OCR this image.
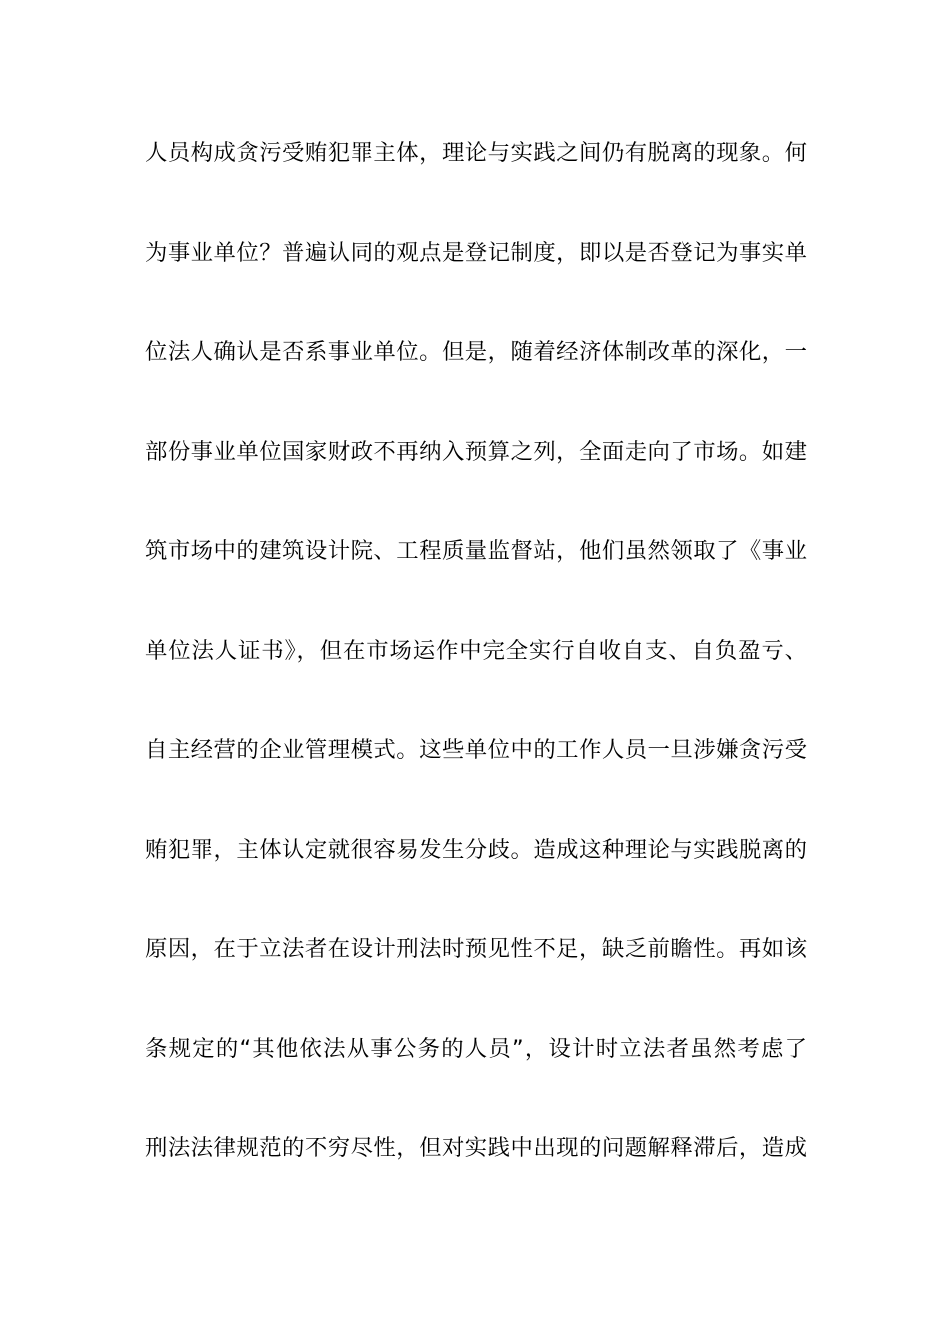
人员构成贪污受贿犯罪主体，理论与实践之间仍有脱离的现象。何
为事业单位？普遍认同的观点是登记制度，即以是否登记为事实单
位法人确认是否系事业单位。但是，随着经济体制改革的深化，一
部份事业单位国家财政不再纳入预算之列，全面走向了市场。如建
筑市场中的建筑设计院、工程质量监督站，他们虽然领取了《事业
单位法人证书》，但在市场运作中完全实行自收自支、自负盈亏、
自主经营的企业管理模式。这些单位中的工作人员一旦涉嫌贪污受
贿犯罪，主体认定就很容易发生分歧。造成这种理论与实践脱离的
原因，在于立法者在设计刑法时预见性不足，缺乏前瞻性。再如该
条规定的“其他依法从事公务的人员”，设计时立法者虽然考虑了
刑法法律规范的不穷尽性，但对实践中出现的问题解释滞后，造成
